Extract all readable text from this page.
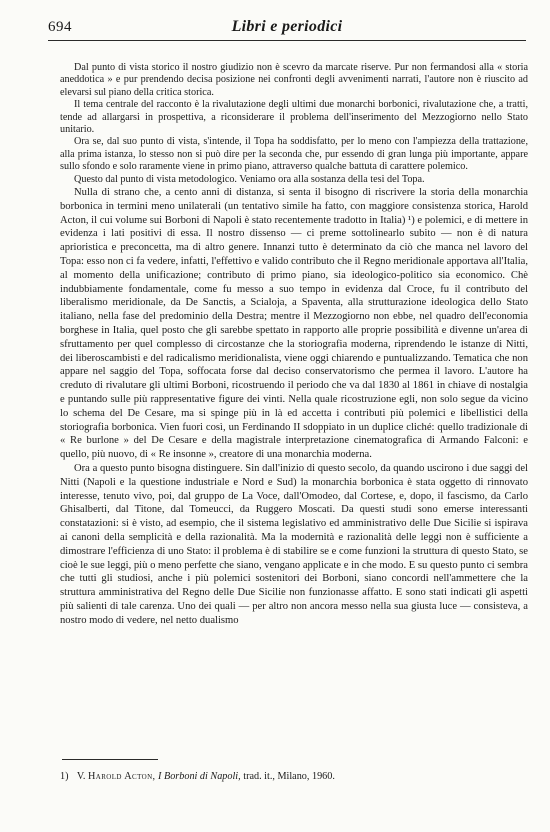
694	Libri e periodici

Dal punto di vista storico il nostro giudizio non è scevro da marcate riserve. Pur non fermandosi alla « storia aneddotica » e pur prendendo decisa posizione nei confronti degli avvenimenti narrati, l'autore non è riuscito ad elevarsi sul piano della critica storica.

Il tema centrale del racconto è la rivalutazione degli ultimi due monarchi borbonici, rivalutazione che, a tratti, tende ad allargarsi in prospettiva, a riconsiderare il problema dell'inserimento del Mezzogiorno nello Stato unitario.

Ora se, dal suo punto di vista, s'intende, il Topa ha soddisfatto, per lo meno con l'ampiezza della trattazione, alla prima istanza, lo stesso non si può dire per la seconda che, pur essendo di gran lunga più importante, appare sullo sfondo e solo raramente viene in primo piano, attraverso qualche battuta di carattere polemico.

Questo dal punto di vista metodologico. Veniamo ora alla sostanza della tesi del Topa.

Nulla di strano che, a cento anni di distanza, si senta il bisogno di riscrivere la storia della monarchia borbonica in termini meno unilaterali (un tentativo simile ha fatto, con maggiore consistenza storica, Harold Acton, il cui volume sui Borboni di Napoli è stato recentemente tradotto in Italia) ¹) e polemici, e di mettere in evidenza i lati positivi di essa. Il nostro dissenso — ci preme sottolinearlo subito — non è di natura aprioristica e preconcetta, ma di altro genere. Innanzi tutto è determinato da ciò che manca nel lavoro del Topa: esso non ci fa vedere, infatti, l'effettivo e valido contributo che il Regno meridionale apportava all'Italia, al momento della unificazione; contributo di primo piano, sia ideologico-politico sia economico. Chè indubbiamente fondamentale, come fu messo a suo tempo in evidenza dal Croce, fu il contributo del liberalismo meridionale, da De Sanctis, a Scialoja, a Spaventa, alla strutturazione ideologica dello Stato italiano, nella fase del predominio della Destra; mentre il Mezzogiorno non ebbe, nel quadro dell'economia borghese in Italia, quel posto che gli sarebbe spettato in rapporto alle proprie possibilità e divenne un'area di sfruttamento per quel complesso di circostanze che la storiografia moderna, riprendendo le istanze di Nitti, dei liberoscambisti e del radicalismo meridionalista, viene oggi chiarendo e puntualizzando. Tematica che non appare nel saggio del Topa, soffocata forse dal deciso conservatorismo che permea il lavoro. L'autore ha creduto di rivalutare gli ultimi Borboni, ricostruendo il periodo che va dal 1830 al 1861 in chiave di nostalgia e puntando sulle più rappresentative figure dei vinti. Nella quale ricostruzione egli, non solo segue da vicino lo schema del De Cesare, ma si spinge più in là ed accetta i contributi più polemici e libellistici della storiografia borbonica. Vien fuori così, un Ferdinando II sdoppiato in un duplice cliché: quello tradizionale di « Re burlone » del De Cesare e della magistrale interpretazione cinematografica di Armando Falconi: e quello, più nuovo, di « Re insonne », creatore di una monarchia moderna.

Ora a questo punto bisogna distinguere. Sin dall'inizio di questo secolo, da quando uscirono i due saggi del Nitti (Napoli e la questione industriale e Nord e Sud) la monarchia borbonica è stata oggetto di rinnovato interesse, tenuto vivo, poi, dal gruppo de La Voce, dall'Omodeo, dal Cortese, e, dopo, il fascismo, da Carlo Ghisalberti, dal Titone, dal Tomeucci, da Ruggero Moscati. Da questi studi sono emerse interessanti constatazioni: si è visto, ad esempio, che il sistema legislativo ed amministrativo delle Due Sicilie si ispirava ai canoni della semplicità e della razionalità. Ma la modernità e razionalità delle leggi non è sufficiente a dimostrare l'efficienza di uno Stato: il problema è di stabilire se e come funzioni la struttura di questo Stato, se cioè le sue leggi, più o meno perfette che siano, vengano applicate e in che modo. E su questo punto ci sembra che tutti gli studiosi, anche i più polemici sostenitori dei Borboni, siano concordi nell'ammettere che la struttura amministrativa del Regno delle Due Sicilie non funzionasse affatto. E sono stati indicati gli aspetti più salienti di tale carenza. Uno dei quali — per altro non ancora messo nella sua giusta luce — consisteva, a nostro modo di vedere, nel netto dualismo

1) V. Harold Acton, I Borboni di Napoli, trad. it., Milano, 1960.
